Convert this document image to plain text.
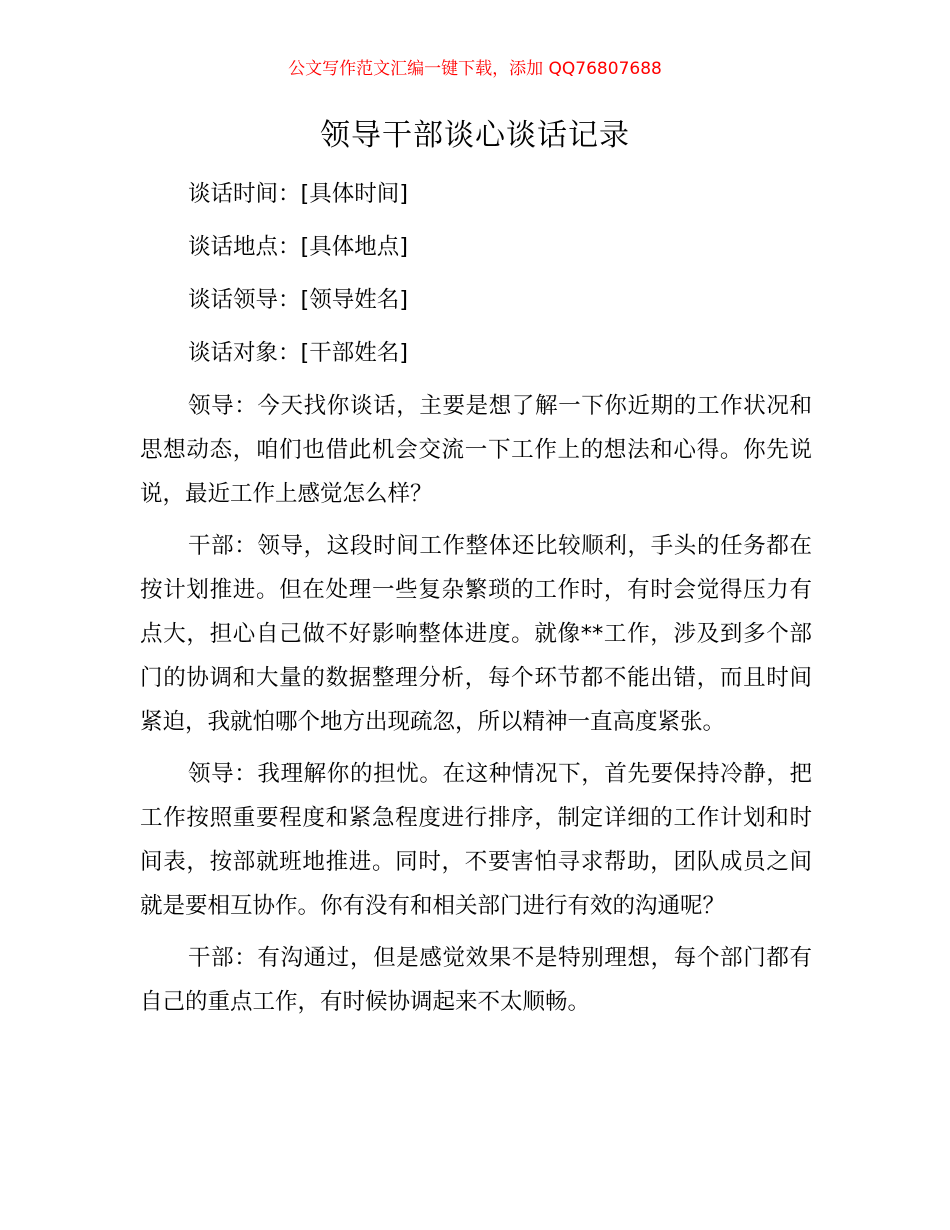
公文写作范文汇编一键下载，添加 QQ76807688
领导干部谈心谈话记录

谈话时间：[具体时间]

谈话地点：[具体地点]

谈话领导：[领导姓名]

谈话对象：[干部姓名]

领导：今天找你谈话，主要是想了解一下你近期的工作状况和思想动态，咱们也借此机会交流一下工作上的想法和心得。你先说说，最近工作上感觉怎么样？

干部：领导，这段时间工作整体还比较顺利，手头的任务都在按计划推进。但在处理一些复杂繁琐的工作时，有时会觉得压力有点大，担心自己做不好影响整体进度。就像**工作，涉及到多个部门的协调和大量的数据整理分析，每个环节都不能出错，而且时间紧迫，我就怕哪个地方出现疏忽，所以精神一直高度紧张。

领导：我理解你的担忧。在这种情况下，首先要保持冷静，把工作按照重要程度和紧急程度进行排序，制定详细的工作计划和时间表，按部就班地推进。同时，不要害怕寻求帮助，团队成员之间就是要相互协作。你有没有和相关部门进行有效的沟通呢？

干部：有沟通过，但是感觉效果不是特别理想，每个部门都有自己的重点工作，有时候协调起来不太顺畅。
